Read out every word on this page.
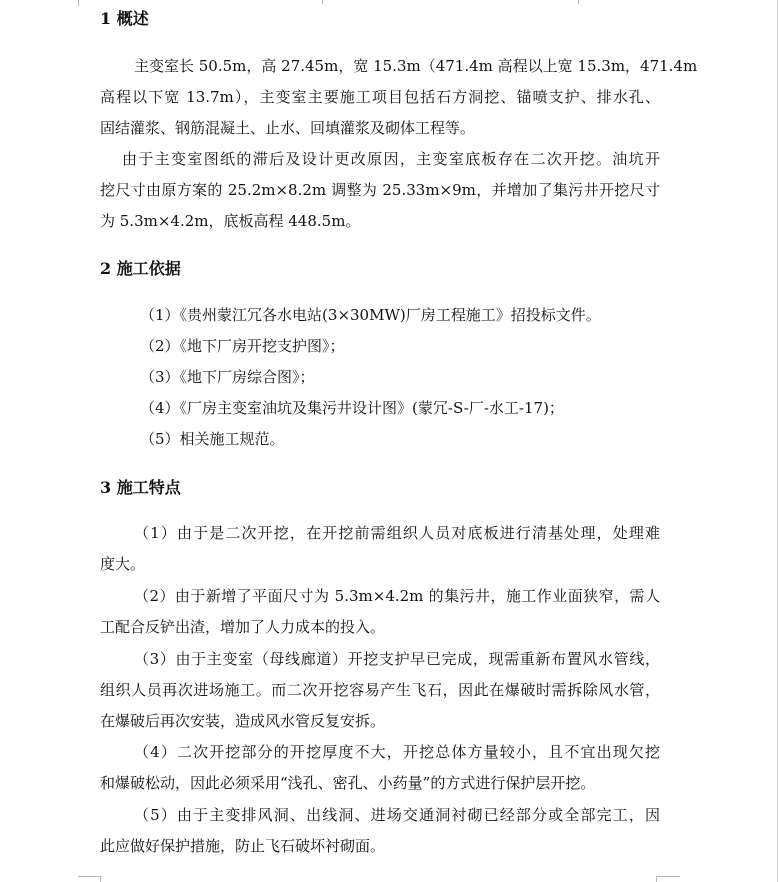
1 概述
主变室长 50.5m，高 27.45m，宽 15.3m（471.4m 高程以上宽 15.3m，471.4m
高程以下宽 13.7m），主变室主要施工项目包括石方洞挖、锚喷支护、排水孔、
固结灌浆、钢筋混凝土、止水、回填灌浆及砌体工程等。
由于主变室图纸的滞后及设计更改原因，主变室底板存在二次开挖。油坑开
挖尺寸由原方案的 25.2m×8.2m 调整为 25.33m×9m，并增加了集污井开挖尺寸
为 5.3m×4.2m，底板高程 448.5m。
2 施工依据
（1）《贵州蒙江冗各水电站(3×30MW)厂房工程施工》招投标文件。
（2）《地下厂房开挖支护图》；
（3）《地下厂房综合图》；
（4）《厂房主变室油坑及集污井设计图》(蒙冗-S-厂-水工-17)；
（5）相关施工规范。
3 施工特点
（1）由于是二次开挖，在开挖前需组织人员对底板进行清基处理，处理难
度大。
（2）由于新增了平面尺寸为 5.3m×4.2m 的集污井，施工作业面狭窄，需人
工配合反铲出渣，增加了人力成本的投入。
（3）由于主变室（母线廊道）开挖支护早已完成，现需重新布置风水管线，
组织人员再次进场施工。而二次开挖容易产生飞石，因此在爆破时需拆除风水管，
在爆破后再次安装，造成风水管反复安拆。
（4）二次开挖部分的开挖厚度不大，开挖总体方量较小，且不宜出现欠挖
和爆破松动，因此必须采用“浅孔、密孔、小药量”的方式进行保护层开挖。
（5）由于主变排风洞、出线洞、进场交通洞衬砌已经部分或全部完工，因
此应做好保护措施，防止飞石破坏衬砌面。
